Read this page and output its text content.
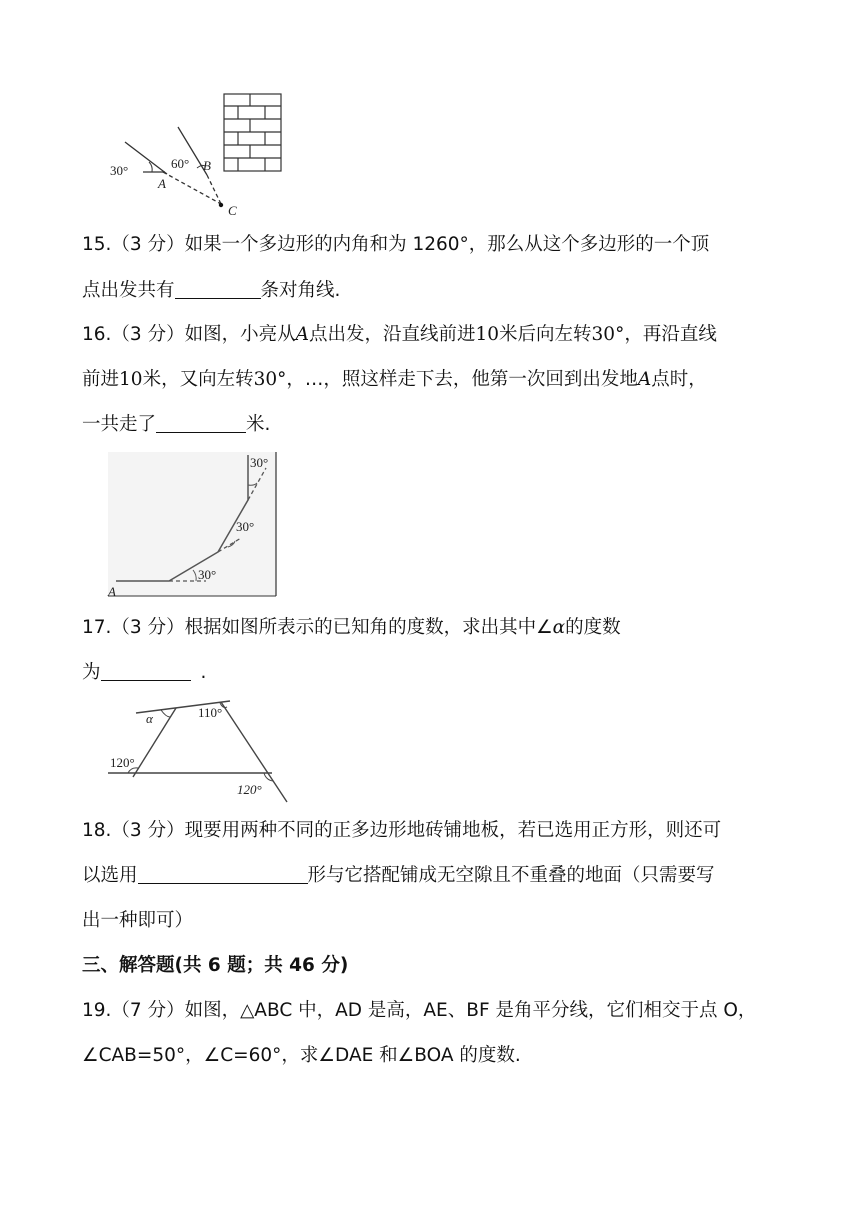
30°	60°
A
B
C
15.（3 分）如果一个多边形的内角和为 1260°，那么从这个多边形的一个顶
点出发共有	条对角线.
16.（3 分）如图，小亮从A点出发，沿直线前进10米后向左转30°，再沿直线
前进10米，又向左转30°，…，照这样走下去，他第一次回到出发地A点时，
一共走了	米.
30°
30°
30°
A
17.（3 分）根据如图所表示的已知角的度数，求出其中∠α的度数
为	.
α	110°
120°
120°
18.（3 分）现要用两种不同的正多边形地砖铺地板，若已选用正方形，则还可
以选用	形与它搭配铺成无空隙且不重叠的地面（只需要写
出一种即可）
三、解答题(共 6 题；共 46 分)
19.（7 分）如图，△ABC 中，AD 是高，AE、BF 是角平分线，它们相交于点 O，
∠CAB=50°，∠C=60°，求∠DAE 和∠BOA 的度数.
